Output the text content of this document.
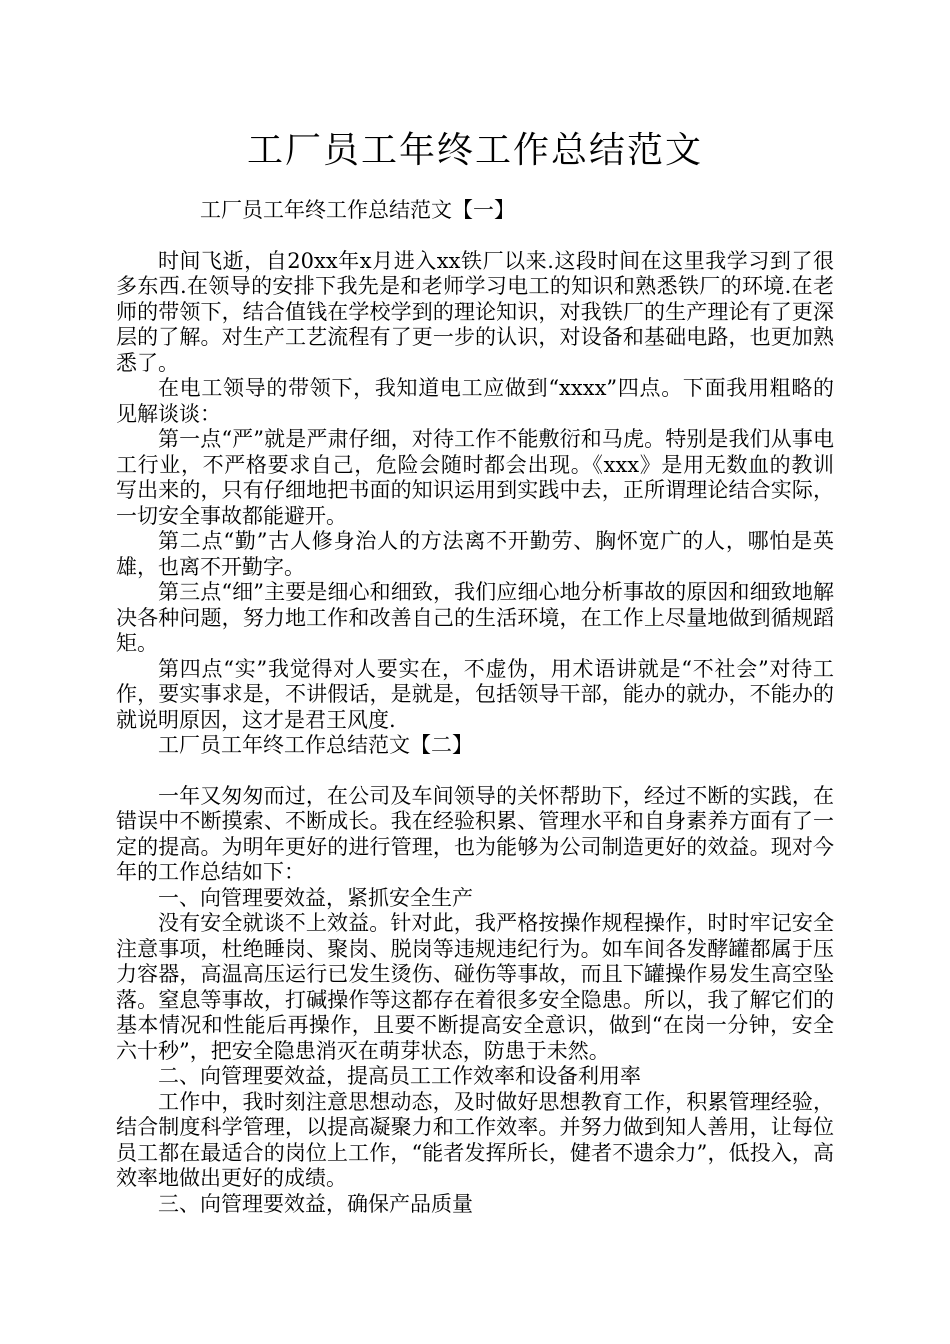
工厂员工年终工作总结范文

工厂员工年终工作总结范文【一】

时间飞逝，自20xx年x月进入xx铁厂以来.这段时间在这里我学习到了很多东西.在领导的安排下我先是和老师学习电工的知识和熟悉铁厂的环境.在老师的带领下，结合值钱在学校学到的理论知识，对我铁厂的生产理论有了更深层的了解。对生产工艺流程有了更一步的认识，对设备和基础电路，也更加熟悉了。

在电工领导的带领下，我知道电工应做到“xxxx”四点。下面我用粗略的见解谈谈：

第一点“严”就是严肃仔细，对待工作不能敷衍和马虎。特别是我们从事电工行业，不严格要求自己，危险会随时都会出现。《xxx》是用无数血的教训写出来的，只有仔细地把书面的知识运用到实践中去，正所谓理论结合实际，一切安全事故都能避开。

第二点“勤”古人修身治人的方法离不开勤劳、胸怀宽广的人，哪怕是英雄，也离不开勤字。

第三点“细”主要是细心和细致，我们应细心地分析事故的原因和细致地解决各种问题，努力地工作和改善自己的生活环境，在工作上尽量地做到循规蹈矩。

第四点“实”我觉得对人要实在，不虚伪，用术语讲就是“不社会”对待工作，要实事求是，不讲假话，是就是，包括领导干部，能办的就办，不能办的就说明原因，这才是君王风度.

工厂员工年终工作总结范文【二】

一年又匆匆而过，在公司及车间领导的关怀帮助下，经过不断的实践，在错误中不断摸索、不断成长。我在经验积累、管理水平和自身素养方面有了一定的提高。为明年更好的进行管理，也为能够为公司制造更好的效益。现对今年的工作总结如下：

一、向管理要效益，紧抓安全生产

没有安全就谈不上效益。针对此，我严格按操作规程操作，时时牢记安全注意事项，杜绝睡岗、聚岗、脱岗等违规违纪行为。如车间各发酵罐都属于压力容器，高温高压运行已发生烫伤、碰伤等事故，而且下罐操作易发生高空坠落。窒息等事故，打碱操作等这都存在着很多安全隐患。所以，我了解它们的基本情况和性能后再操作，且要不断提高安全意识，做到“在岗一分钟，安全六十秒”，把安全隐患消灭在萌芽状态，防患于未然。

二、向管理要效益，提高员工工作效率和设备利用率

工作中，我时刻注意思想动态，及时做好思想教育工作，积累管理经验，结合制度科学管理，以提高凝聚力和工作效率。并努力做到知人善用，让每位员工都在最适合的岗位上工作，“能者发挥所长，健者不遗余力”，低投入，高效率地做出更好的成绩。

三、向管理要效益，确保产品质量
